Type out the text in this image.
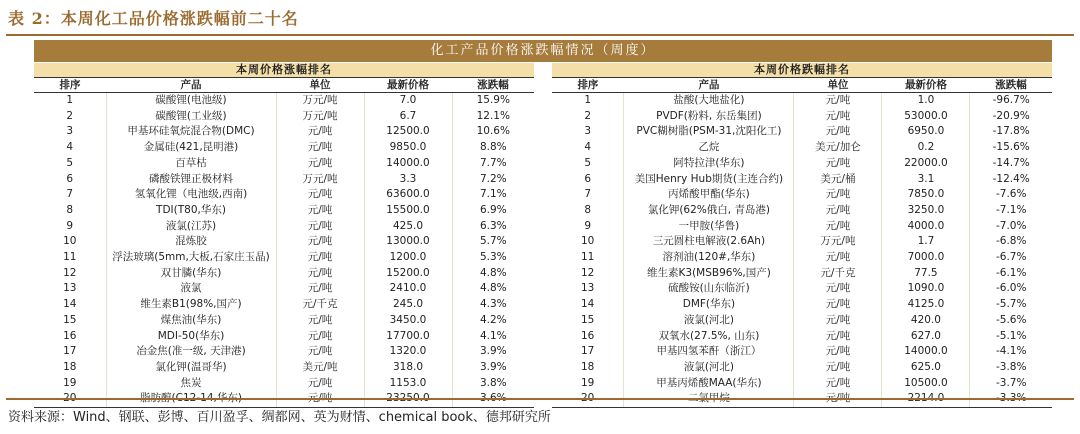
表 2：本周化工品价格涨跌幅前二十名
化工产品价格涨跌幅情况（周度）
本周价格涨幅排名				
排序	产品	单位	最新价格	涨跌幅
1	碳酸锂(电池级)	万元/吨	7.0	15.9%
2	碳酸锂(工业级)	万元/吨	6.7	12.1%
3	甲基环硅氧烷混合物(DMC)	元/吨	12500.0	10.6%
4	金属硅(421,昆明港)	元/吨	9850.0	8.8%
5	百草枯	元/吨	14000.0	7.7%
6	磷酸铁锂正极材料	万元/吨	3.3	7.2%
7	氢氧化锂（电池级,西南)	元/吨	63600.0	7.1%
8	TDI(T80,华东)	元/吨	15500.0	6.9%
9	液氯(江苏)	元/吨	425.0	6.3%
10	混炼胶	元/吨	13000.0	5.7%
11	浮法玻璃(5mm,大板,石家庄玉晶)	元/吨	1200.0	5.3%
12	双甘膦(华东)	元/吨	15200.0	4.8%
13	液氯	元/吨	2410.0	4.8%
14	维生素B1(98%,国产)	元/千克	245.0	4.3%
15	煤焦油(华东)	元/吨	3450.0	4.2%
16	MDI-50(华东)	元/吨	17700.0	4.1%
17	冶金焦(准一级, 天津港)	元/吨	1320.0	3.9%
18	氯化钾(温哥华)	美元/吨	318.0	3.9%
19	焦炭	元/吨	1153.0	3.8%
20	脂肪醇(C12-14,华东)	元/吨	23250.0	3.6%
本周价格跌幅排名				
排序	产品	单位	最新价格	涨跌幅
1	盐酸(大地盐化)	元/吨	1.0	-96.7%
2	PVDF(粉料, 东岳集团)	元/吨	53000.0	-20.9%
3	PVC糊树脂(PSM-31,沈阳化工)	元/吨	6950.0	-17.8%
4	乙烷	美元/加仑	0.2	-15.6%
5	阿特拉津(华东)	元/吨	22000.0	-14.7%
6	美国Henry Hub期货(主连合约)	美元/桶	3.1	-12.4%
7	丙烯酸甲酯(华东)	元/吨	7850.0	-7.6%
8	氯化钾(62%俄白, 青岛港)	元/吨	3250.0	-7.1%
9	一甲胺(华鲁)	元/吨	4000.0	-7.0%
10	三元圆柱电解液(2.6Ah)	万元/吨	1.7	-6.8%
11	溶剂油(120#,华东)	元/吨	7000.0	-6.7%
12	维生素K3(MSB96%,国产)	元/千克	77.5	-6.1%
13	硫酸铵(山东临沂)	元/吨	1090.0	-6.0%
14	DMF(华东)	元/吨	4125.0	-5.7%
15	液氯(河北)	元/吨	420.0	-5.6%
16	双氧水(27.5%, 山东)	元/吨	627.0	-5.1%
17	甲基四氢苯酐（浙江）	元/吨	14000.0	-4.1%
18	液氯(河北)	元/吨	625.0	-3.8%
19	甲基丙烯酸MAA(华东)	元/吨	10500.0	-3.7%
20	二氯甲烷	元/吨	2214.0	-3.3%
资料来源：Wind、钢联、彭博、百川盈孚、绸都网、英为财情、chemical book、德邦研究所
